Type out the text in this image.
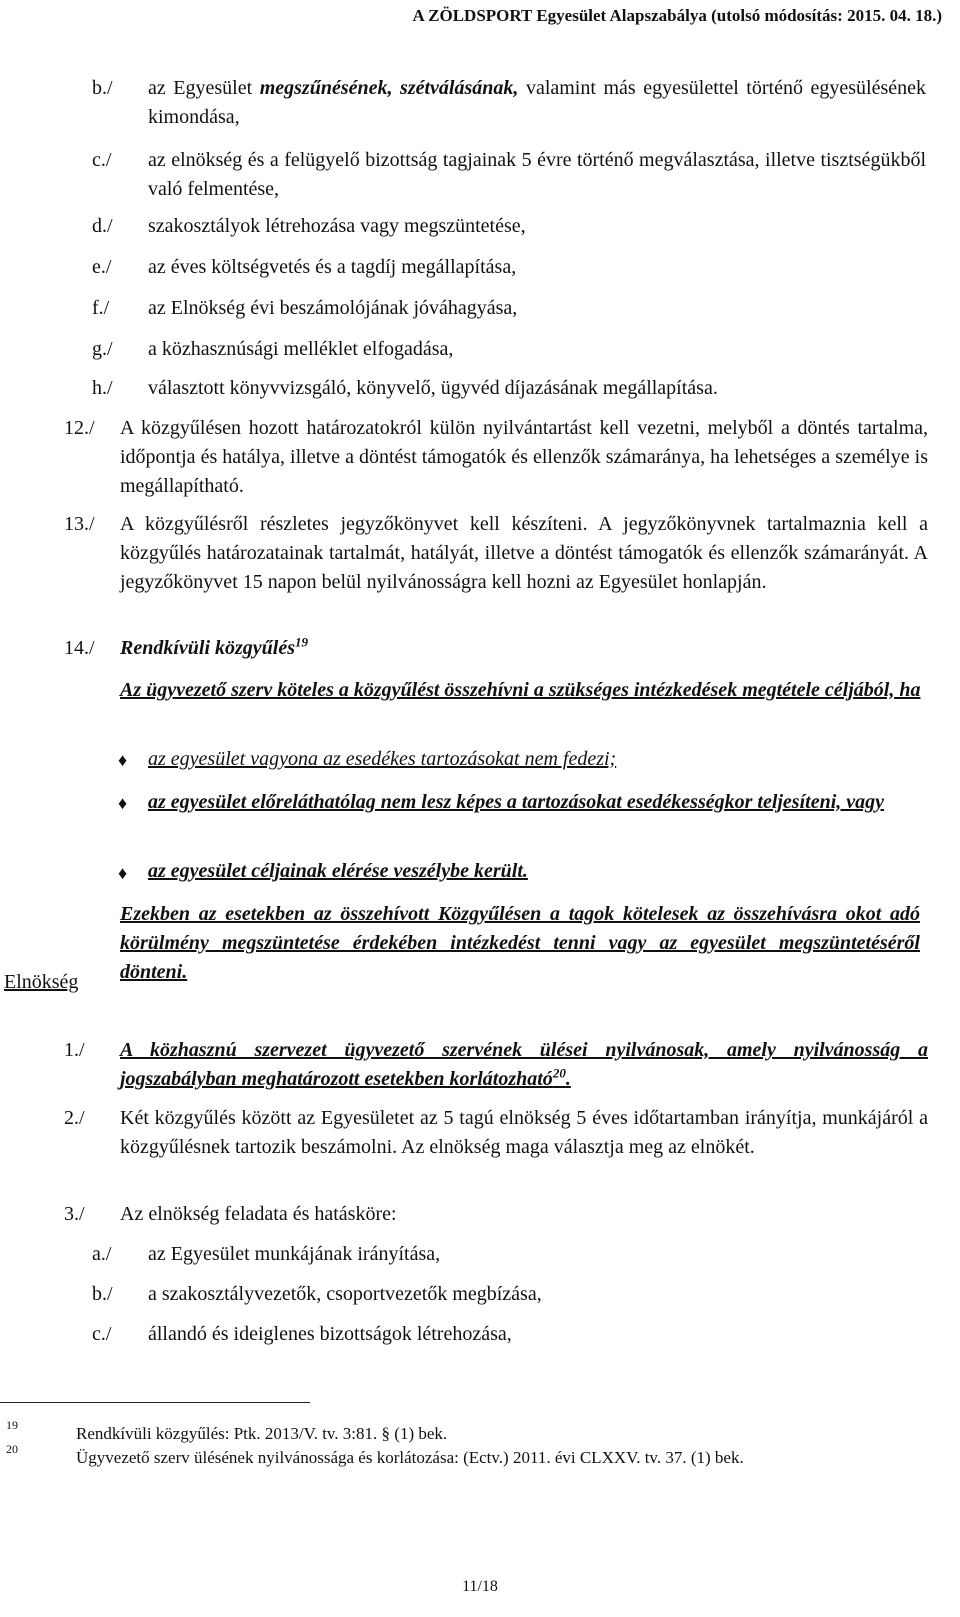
A ZÖLDSPORT Egyesület Alapszabálya (utolsó módosítás: 2015. 04. 18.)
b./ az Egyesület megszűnésének, szétválásának, valamint más egyesülettel történő egyesülésének kimondása,
c./ az elnökség és a felügyelő bizottság tagjainak 5 évre történő megválasztása, illetve tisztségükből való felmentése,
d./ szakosztályok létrehozása vagy megszüntetése,
e./ az éves költségvetés és a tagdíj megállapítása,
f./ az Elnökség évi beszámolójának jóváhagyása,
g./ a közhasznúsági melléklet elfogadása,
h./ választott könyvvizsgáló, könyvelő, ügyvéd díjazásának megállapítása.
12./ A közgyűlésen hozott határozatokról külön nyilvántartást kell vezetni, melyből a döntés tartalma, időpontja és hatálya, illetve a döntést támogatók és ellenzők számaránya, ha lehetséges a személye is megállapítható.
13./ A közgyűlésről részletes jegyzőkönyvet kell készíteni. A jegyzőkönyvnek tartalmaznia kell a közgyűlés határozatainak tartalmát, hatályát, illetve a döntést támogatók és ellenzők számarányát. A jegyzőkönyvet 15 napon belül nyilvánosságra kell hozni az Egyesület honlapján.
14./ Rendkívüli közgyűlés$^{19}$
Az ügyvezető szerv köteles a közgyűlést összehívni a szükséges intézkedések megtétele céljából, ha
♦ az egyesület vagyona az esedékes tartozásokat nem fedezi;
♦ az egyesület előreláthatólag nem lesz képes a tartozásokat esedékességkor teljesíteni, vagy
♦ az egyesület céljainak elérése veszélybe került.
Ezekben az esetekben az összehívott Közgyűlésen a tagok kötelesek az összehívásra okot adó körülmény megszüntetése érdekében intézkedést tenni vagy az egyesület megszüntetéséről dönteni.
Elnökség
1./ A közhasznú szervezet ügyvezető szervének ülései nyilvánosak, amely nyilvánosság a jogszabályban meghatározott esetekben korlátozható$^{20}$.
2./ Két közgyűlés között az Egyesületet az 5 tagú elnökség 5 éves időtartamban irányítja, munkájáról a közgyűlésnek tartozik beszámolni. Az elnökség maga választja meg az elnökét.
3./ Az elnökség feladata és hatásköre:
a./ az Egyesület munkájának irányítása,
b./ a szakosztályvezetők, csoportvezetők megbízása,
c./ állandó és ideiglenes bizottságok létrehozása,
19	Rendkívüli közgyűlés: Ptk. 2013/V. tv. 3:81. § (1) bek.
20	Ügyvezető szerv ülésének nyilvánossága és korlátozása: (Ectv.) 2011. évi CLXXV. tv. 37. (1) bek.
11/18
